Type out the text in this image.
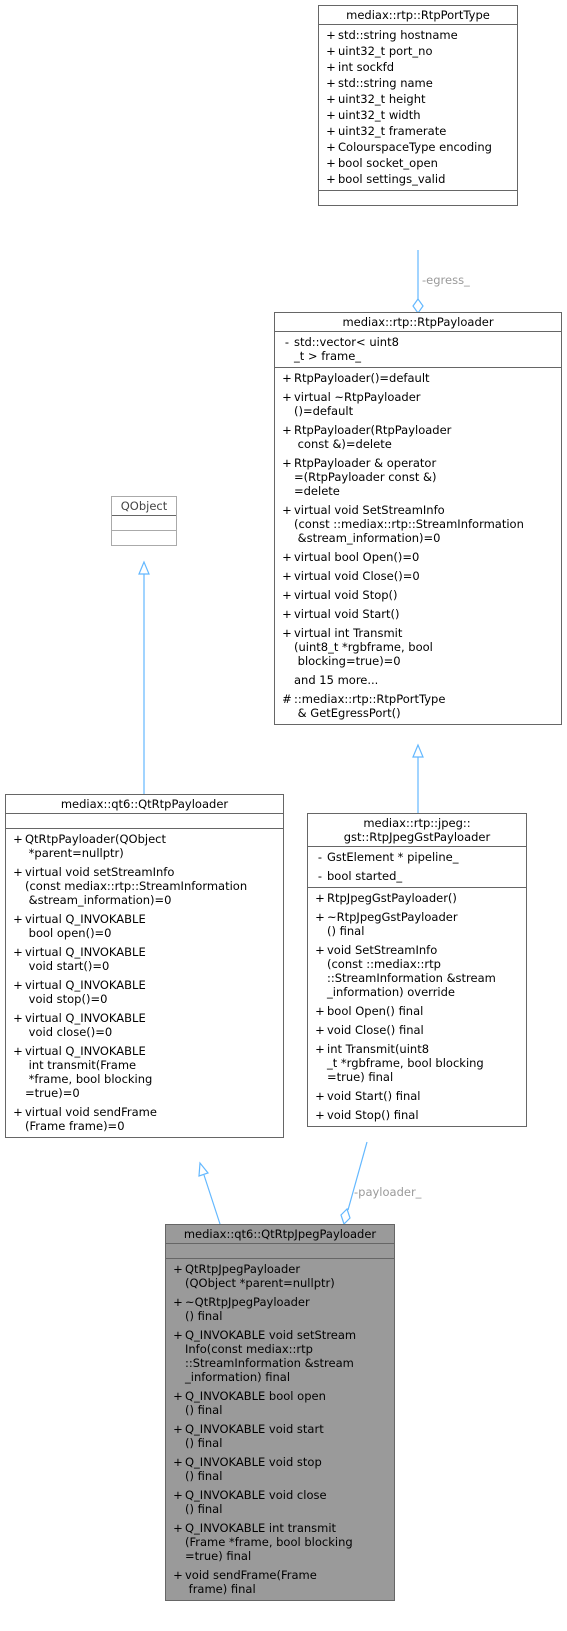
-egress_
-payloader_
mediax::rtp::RtpPortType
+ std::string hostname
+ uint32_t port_no
+ int sockfd
+ std::string name
+ uint32_t height
+ uint32_t width
+ uint32_t framerate
+ ColourspaceType encoding
+ bool socket_open
+ bool settings_valid
mediax::rtp::RtpPayloader
- std::vector< uint8
_t > frame_
+ RtpPayloader()=default
+ virtual ~RtpPayloader
()=default
+ RtpPayloader(RtpPayloader
const &)=delete
+ RtpPayloader & operator
=(RtpPayloader const &)
=delete
+ virtual void SetStreamInfo
(const ::mediax::rtp::StreamInformation
&stream_information)=0
+ virtual bool Open()=0
+ virtual void Close()=0
+ virtual void Stop()
+ virtual void Start()
+ virtual int Transmit
(uint8_t *rgbframe, bool
blocking=true)=0
and 15 more...
# ::mediax::rtp::RtpPortType
& GetEgressPort()
QObject
mediax::qt6::QtRtpPayloader
+ QtRtpPayloader(QObject
*parent=nullptr)
+ virtual void setStreamInfo
(const mediax::rtp::StreamInformation
&stream_information)=0
+ virtual Q_INVOKABLE
bool open()=0
+ virtual Q_INVOKABLE
void start()=0
+ virtual Q_INVOKABLE
void stop()=0
+ virtual Q_INVOKABLE
void close()=0
+ virtual Q_INVOKABLE
int transmit(Frame
*frame, bool blocking
=true)=0
+ virtual void sendFrame
(Frame frame)=0
mediax::rtp::jpeg::
gst::RtpJpegGstPayloader
- GstElement * pipeline_
- bool started_
+ RtpJpegGstPayloader()
+ ~RtpJpegGstPayloader
() final
+ void SetStreamInfo
(const ::mediax::rtp
::StreamInformation &stream
_information) override
+ bool Open() final
+ void Close() final
+ int Transmit(uint8
_t *rgbframe, bool blocking
=true) final
+ void Start() final
+ void Stop() final
mediax::qt6::QtRtpJpegPayloader
+ QtRtpJpegPayloader
(QObject *parent=nullptr)
+ ~QtRtpJpegPayloader
() final
+ Q_INVOKABLE void setStream
Info(const mediax::rtp
::StreamInformation &stream
_information) final
+ Q_INVOKABLE bool open
() final
+ Q_INVOKABLE void start
() final
+ Q_INVOKABLE void stop
() final
+ Q_INVOKABLE void close
() final
+ Q_INVOKABLE int transmit
(Frame *frame, bool blocking
=true) final
+ void sendFrame(Frame
frame) final
